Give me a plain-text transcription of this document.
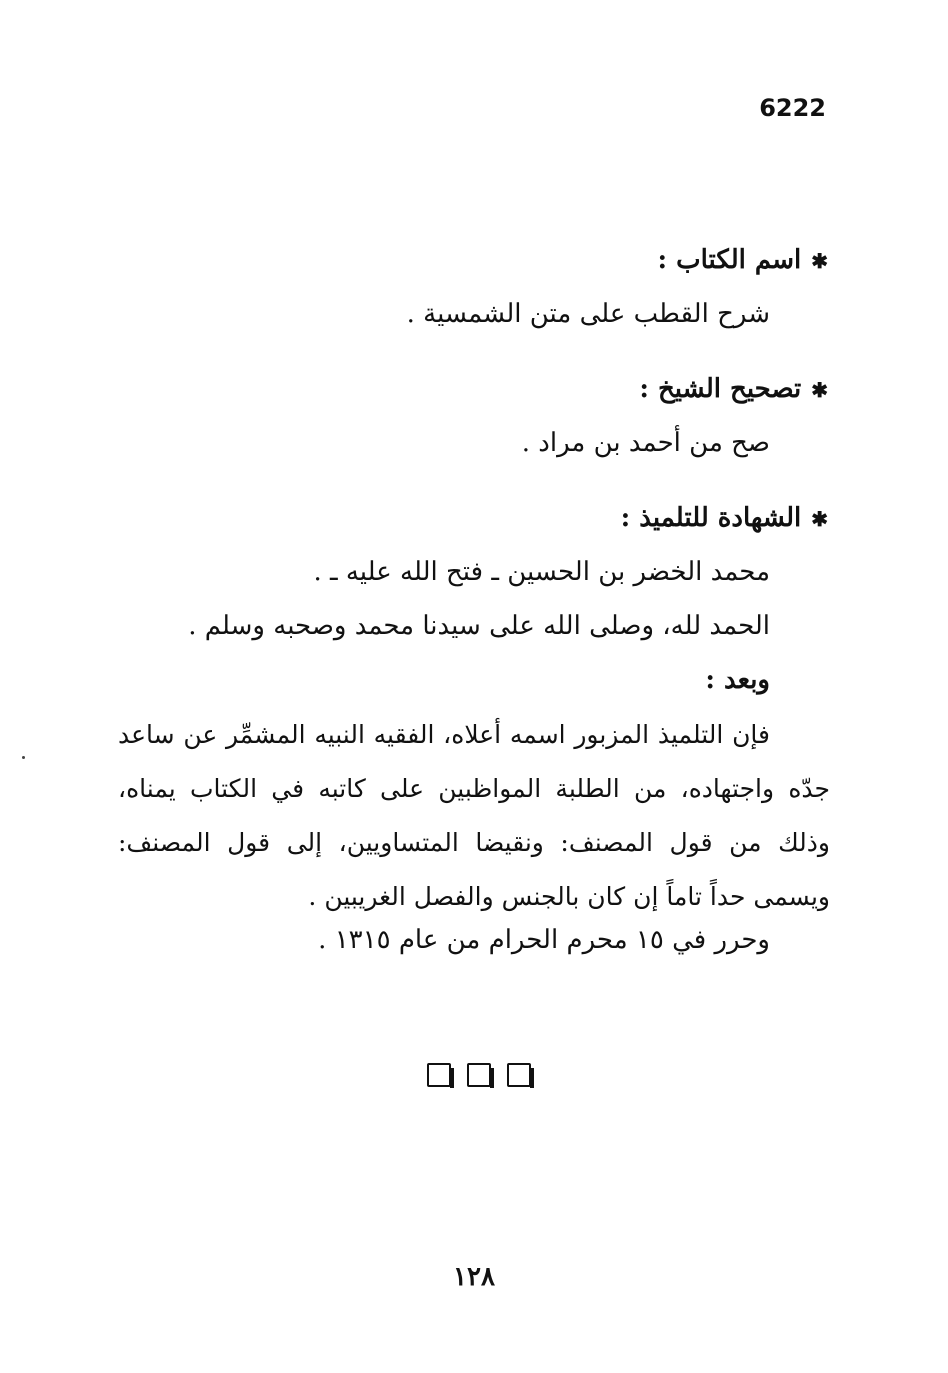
6222
✱اسم الكتاب :
شرح القطب على متن الشمسية .
✱تصحيح الشيخ :
صح من أحمد بن مراد .
✱الشهادة للتلميذ :
محمد الخضر بن الحسين ـ فتح الله عليه ـ .
الحمد لله، وصلى الله على سيدنا محمد وصحبه وسلم .
وبعد :
فإن التلميذ المزبور اسمه أعلاه، الفقيه النبيه المشمِّر عن ساعد جدّه واجتهاده، من الطلبة المواظبين على كاتبه في الكتاب يمناه، وذلك من قول المصنف: ونقيضا المتساويين، إلى قول المصنف: ويسمى حداً تاماً إن كان بالجنس والفصل الغريبين .
وحرر في ١٥ محرم الحرام من عام ١٣١٥ .
١٢٨
